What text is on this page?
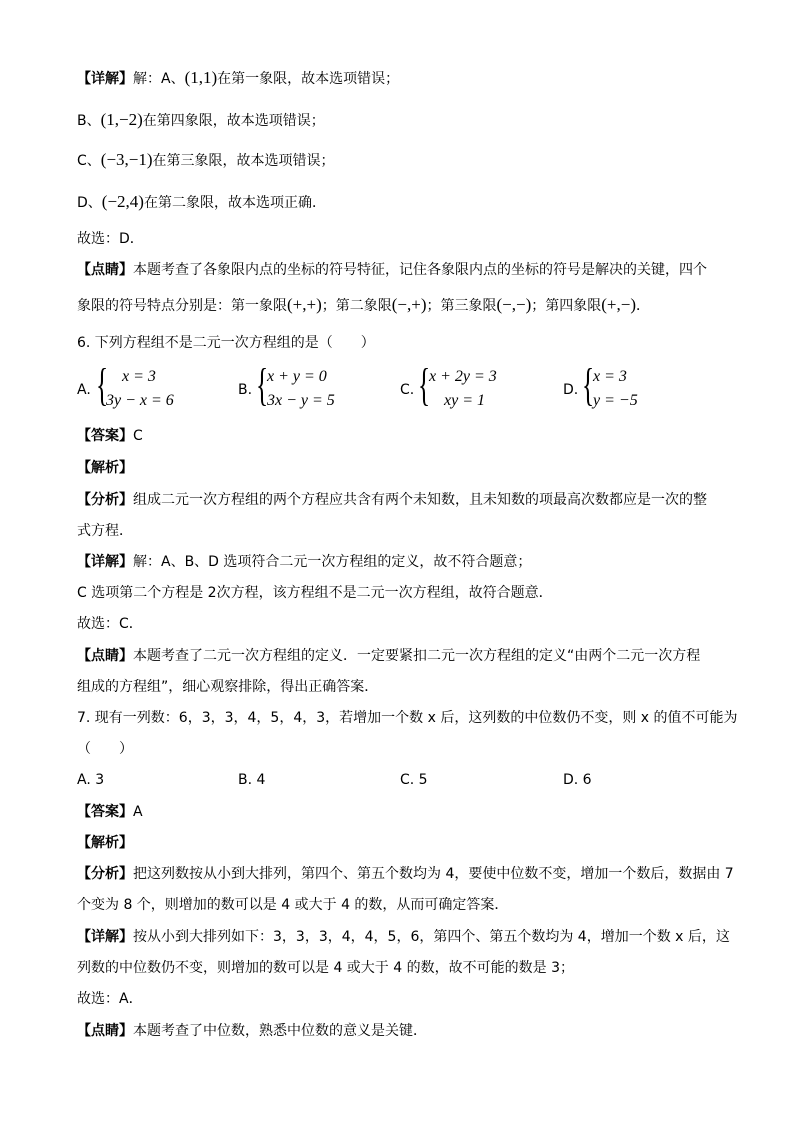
【详解】解：A、(1,1)在第一象限，故本选项错误；
B、(1,−2)在第四象限，故本选项错误；
C、(−3,−1)在第三象限，故本选项错误；
D、(−2,4)在第二象限，故本选项正确．
故选：D．
【点睛】本题考查了各象限内点的坐标的符号特征，记住各象限内点的坐标的符号是解决的关键，四个
象限的符号特点分别是：第一象限(+,+)；第二象限(−,+)；第三象限(−,−)；第四象限(+,−)．
6. 下列方程组不是二元一次方程组的是（　　）
A. { x = 3
3y − x = 6
B. {
x + y = 0
3x − y = 5
C. {
x + 2y = 3
xy = 1
D. {
x = 3
y = −5
【答案】C
【解析】
【分析】组成二元一次方程组的两个方程应共含有两个未知数，且未知数的项最高次数都应是一次的整
式方程．
【详解】解：A、B、D 选项符合二元一次方程组的定义，故不符合题意；
C 选项第二个方程是 2次方程，该方程组不是二元一次方程组，故符合题意．
故选：C．
【点睛】本题考查了二元一次方程组的定义．一定要紧扣二元一次方程组的定义“由两个二元一次方程
组成的方程组”，细心观察排除，得出正确答案．
7. 现有一列数：6，3，3，4，5，4，3，若增加一个数 x 后，这列数的中位数仍不变，则 x 的值不可能为
（　　）
A. 3	B. 4	C. 5	D. 6
【答案】A
【解析】
【分析】把这列数按从小到大排列，第四个、第五个数均为 4，要使中位数不变，增加一个数后，数据由 7
个变为 8 个，则增加的数可以是 4 或大于 4 的数，从而可确定答案．
【详解】按从小到大排列如下：3，3，3，4，4，5，6，第四个、第五个数均为 4，增加一个数 x 后，这
列数的中位数仍不变，则增加的数可以是 4 或大于 4 的数，故不可能的数是 3；
故选：A．
【点睛】本题考查了中位数，熟悉中位数的意义是关键．
